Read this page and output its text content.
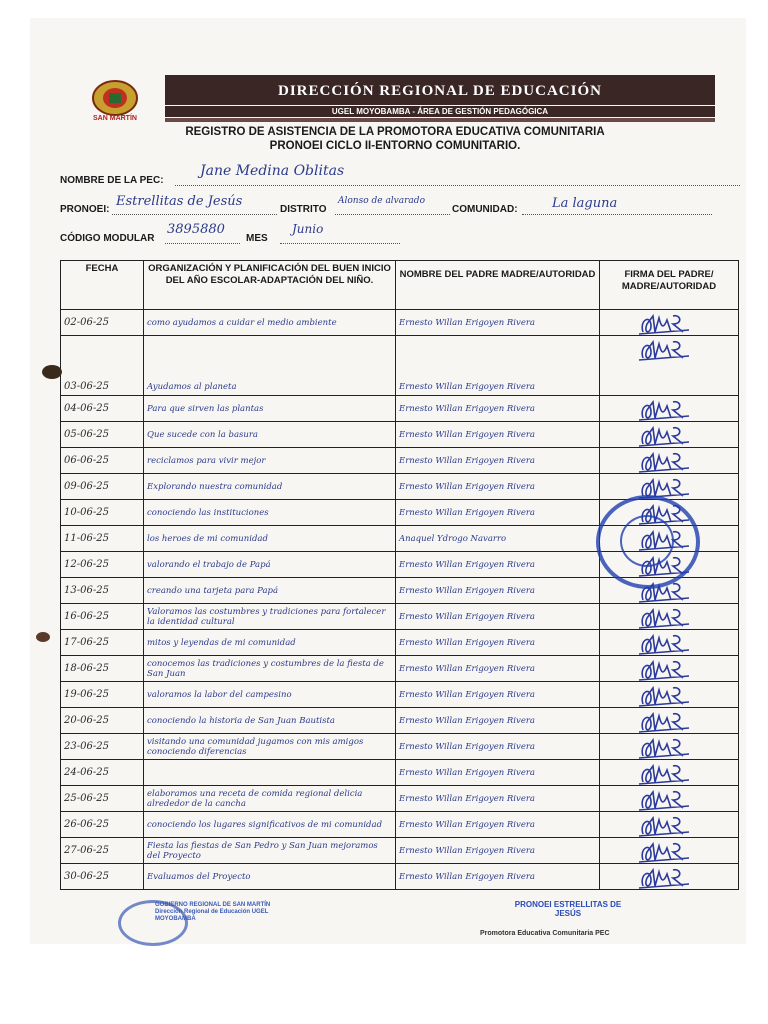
SAN MARTÍN
DIRECCIÓN REGIONAL DE EDUCACIÓN
UGEL MOYOBAMBA - ÁREA DE GESTIÓN PEDAGÓGICA
REGISTRO DE ASISTENCIA DE LA PROMOTORA EDUCATIVA COMUNITARIA
PRONOEI CICLO II-ENTORNO COMUNITARIO.
NOMBRE DE LA PEC:
Jane Medina Oblitas
PRONOEI:
Estrellitas de Jesús
DISTRITO
Alonso de alvarado
COMUNIDAD:	La laguna
CÓDIGO MODULAR
3895880
MES
Junio
FECHA	ORGANIZACIÓN Y PLANIFICACIÓN DEL BUEN INICIO DEL AÑO ESCOLAR-ADAPTACIÓN DEL NIÑO.	NOMBRE DEL PADRE MADRE/AUTORIDAD	FIRMA DEL PADRE/ MADRE/AUTORIDAD
02-06-25	como ayudamos a cuidar el medio ambiente	Ernesto Willan Erigoyen Rivera	

03-06-25	Ayudamos al planeta	Ernesto Willan Erigoyen Rivera	

04-06-25	Para que sirven las plantas	Ernesto Willan Erigoyen Rivera	

05-06-25	Que sucede con la basura	Ernesto Willan Erigoyen Rivera	

06-06-25	reciclamos para vivir mejor	Ernesto Willan Erigoyen Rivera	

09-06-25	Explorando nuestra comunidad	Ernesto Willan Erigoyen Rivera	

10-06-25	conociendo las instituciones	Ernesto Willan Erigoyen Rivera	

11-06-25	los heroes de mi comunidad	Anaquel Ydrogo Navarro	

12-06-25	valorando el trabajo de Papá	Ernesto Willan Erigoyen Rivera	

13-06-25	creando una tarjeta para Papá	Ernesto Willan Erigoyen Rivera	

16-06-25	Valoramos las costumbres y tradiciones para fortalecer la identidad cultural	Ernesto Willan Erigoyen Rivera	

17-06-25	mitos y leyendas de mi comunidad	Ernesto Willan Erigoyen Rivera	

18-06-25	conocemos las tradiciones y costumbres de la fiesta de San Juan	Ernesto Willan Erigoyen Rivera	

19-06-25	valoramos la labor del campesino	Ernesto Willan Erigoyen Rivera	

20-06-25	conociendo la historia de San Juan Bautista	Ernesto Willan Erigoyen Rivera	

23-06-25	visitando una comunidad jugamos con mis amigos conociendo diferencias	Ernesto Willan Erigoyen Rivera	

24-06-25		Ernesto Willan Erigoyen Rivera	

25-06-25	elaboramos una receta de comida regional delicia alrededor de la cancha	Ernesto Willan Erigoyen Rivera	

26-06-25	conociendo los lugares significativos de mi comunidad	Ernesto Willan Erigoyen Rivera	

27-06-25	Fiesta las fiestas de San Pedro y San Juan mejoramos del Proyecto	Ernesto Willan Erigoyen Rivera	

30-06-25	Evaluamos del Proyecto	Ernesto Willan Erigoyen Rivera	
GOBIERNO REGIONAL DE SAN MARTÍN Dirección Regional de Educación UGEL MOYOBAMBA
PRONOEI ESTRELLITAS DE JESÚS
Promotora Educativa Comunitaria PEC
